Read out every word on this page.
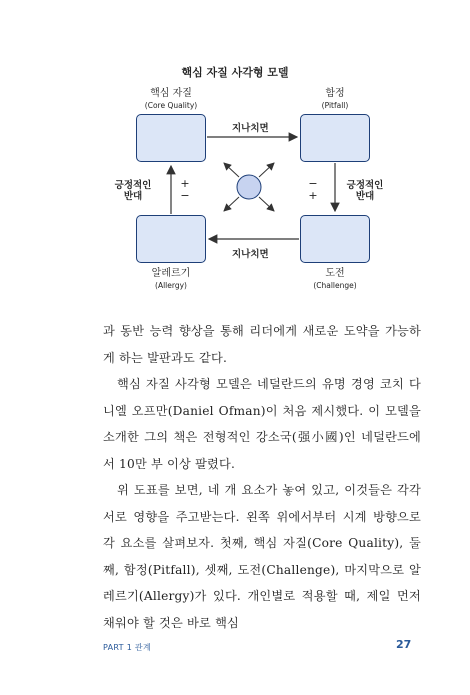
핵심 자질 사각형 모델
핵심 자질
(Core Quality)
함정
(Pitfall)
알레르기
(Allergy)
도전
(Challenge)
지나치면
지나치면
긍정적인
반대
+
−
−
+
긍정적인
반대

과 동반 능력 향상을 통해 리더에게 새로운 도약을 가능하게 하는 발판과도 같다.

핵심 자질 사각형 모델은 네덜란드의 유명 경영 코치 다니엘 오프만(Daniel Ofman)이 처음 제시했다. 이 모델을 소개한 그의 책은 전형적인 강소국(强小國)인 네덜란드에서 10만 부 이상 팔렸다.

위 도표를 보면, 네 개 요소가 놓여 있고, 이것들은 각각 서로 영향을 주고받는다. 왼쪽 위에서부터 시계 방향으로 각 요소를 살펴보자. 첫째, 핵심 자질(Core Quality), 둘째, 함정(Pitfall), 셋째, 도전(Challenge), 마지막으로 알레르기(Allergy)가 있다. 개인별로 적용할 때, 제일 먼저 채워야 할 것은 바로 핵심

PART 1 관계	27
